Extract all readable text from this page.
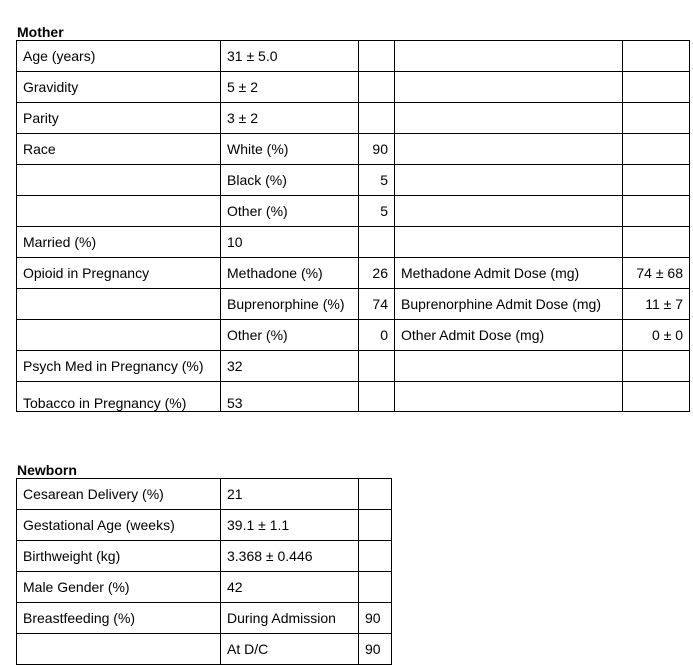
Mother
Age (years)	31 ± 5.0			
Gravidity	5 ± 2			
Parity	3 ± 2			
Race	White (%)	90		
	Black (%)	5		
	Other (%)	5		
Married (%)	10			
Opioid in Pregnancy	Methadone (%)	26	Methadone Admit Dose (mg)	74 ± 68
	Buprenorphine (%)	74	Buprenorphine Admit Dose (mg)	11 ± 7
	Other (%)	0	Other Admit Dose (mg)	0 ± 0
Psych Med in Pregnancy (%)	32			
Tobacco in Pregnancy (%)	53			
Newborn
Cesarean Delivery (%)	21	
Gestational Age (weeks)	39.1 ± 1.1	
Birthweight (kg)	3.368 ± 0.446	
Male Gender (%)	42	
Breastfeeding (%)	During Admission	90
	At D/C	90
